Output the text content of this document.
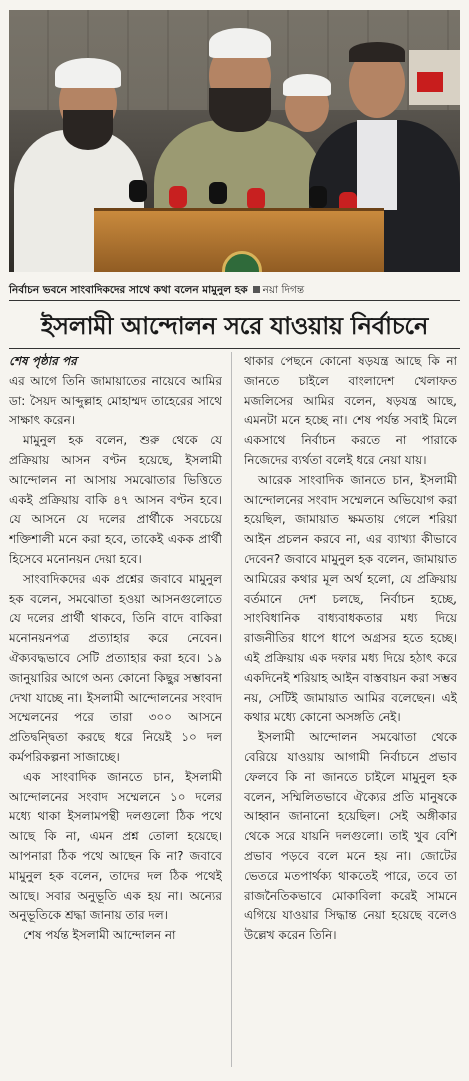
নির্বাচন ভবনে সাংবাদিকদের সাথে কথা বলেন মামুনুল হক নয়া দিগন্ত
ইসলামী আন্দোলন সরে যাওয়ায় নির্বাচনে
শেষ পৃষ্ঠার পর

এর আগে তিনি জামায়াতের নায়েবে আমির ডা: সৈয়দ আব্দুল্লাহ মোহাম্মদ তাহেরের সাথে সাক্ষাৎ করেন।

মামুনুল হক বলেন, শুরু থেকে যে প্রক্রিয়ায় আসন বণ্টন হয়েছে, ইসলামী আন্দোলন না আসায় সমঝোতার ভিত্তিতে একই প্রক্রিয়ায় বাকি ৪৭ আসন বণ্টন হবে। যে আসনে যে দলের প্রার্থীকে সবচেয়ে শক্তিশালী মনে করা হবে, তাকেই একক প্রার্থী হিসেবে মনোনয়ন দেয়া হবে।

সাংবাদিকদের এক প্রশ্নের জবাবে মামুনুল হক বলেন, সমঝোতা হওয়া আসনগুলোতে যে দলের প্রার্থী থাকবে, তিনি বাদে বাকিরা মনোনয়নপত্র প্রত্যাহার করে নেবেন। ঐক্যবদ্ধভাবে সেটি প্রত্যাহার করা হবে। ১৯ জানুয়ারির আগে অন্য কোনো কিছুর সম্ভাবনা দেখা যাচ্ছে না। ইসলামী আন্দোলনের সংবাদ সম্মেলনের পরে তারা ৩০০ আসনে প্রতিদ্বন্দ্বিতা করছে ধরে নিয়েই ১০ দল কর্মপরিকল্পনা সাজাচ্ছে।

এক সাংবাদিক জানতে চান, ইসলামী আন্দোলনের সংবাদ সম্মেলনে ১০ দলের মধ্যে থাকা ইসলামপন্থী দলগুলো ঠিক পথে আছে কি না, এমন প্রশ্ন তোলা হয়েছে। আপনারা ঠিক পথে আছেন কি না? জবাবে মামুনুল হক বলেন, তাদের দল ঠিক পথেই আছে। সবার অনুভূতি এক হয় না। অন্যের অনুভূতিকে শ্রদ্ধা জানায় তার দল।

শেষ পর্যন্ত ইসলামী আন্দোলন না

থাকার পেছনে কোনো ষড়যন্ত্র আছে কি না জানতে চাইলে বাংলাদেশ খেলাফত মজলিসের আমির বলেন, ষড়যন্ত্র আছে, এমনটা মনে হচ্ছে না। শেষ পর্যন্ত সবাই মিলে একসাথে নির্বাচন করতে না পারাকে নিজেদের ব্যর্থতা বলেই ধরে নেয়া যায়।

আরেক সাংবাদিক জানতে চান, ইসলামী আন্দোলনের সংবাদ সম্মেলনে অভিযোগ করা হয়েছিল, জামায়াত ক্ষমতায় গেলে শরিয়া আইন প্রচলন করবে না, এর ব্যাখ্যা কীভাবে দেবেন? জবাবে মামুনুল হক বলেন, জামায়াত আমিরের কথার মূল অর্থ হলো, যে প্রক্রিয়ায় বর্তমানে দেশ চলছে, নির্বাচন হচ্ছে, সাংবিধানিক বাধ্যবাধকতার মধ্য দিয়ে রাজনীতির ধাপে ধাপে অগ্রসর হতে হচ্ছে। এই প্রক্রিয়ায় এক দফার মধ্য দিয়ে হঠাৎ করে একদিনেই শরিয়াহ আইন বাস্তবায়ন করা সম্ভব নয়, সেটিই জামায়াত আমির বলেছেন। এই কথার মধ্যে কোনো অসঙ্গতি নেই।

ইসলামী আন্দোলন সমঝোতা থেকে বেরিয়ে যাওয়ায় আগামী নির্বাচনে প্রভাব ফেলবে কি না জানতে চাইলে মামুনুল হক বলেন, সম্মিলিতভাবে ঐক্যের প্রতি মানুষকে আহ্বান জানানো হয়েছিল। সেই অঙ্গীকার থেকে সরে যায়নি দলগুলো। তাই খুব বেশি প্রভাব পড়বে বলে মনে হয় না। জোটের ভেতরে মতপার্থক্য থাকতেই পারে, তবে তা রাজনৈতিকভাবে মোকাবিলা করেই সামনে এগিয়ে যাওয়ার সিদ্ধান্ত নেয়া হয়েছে বলেও উল্লেখ করেন তিনি।
